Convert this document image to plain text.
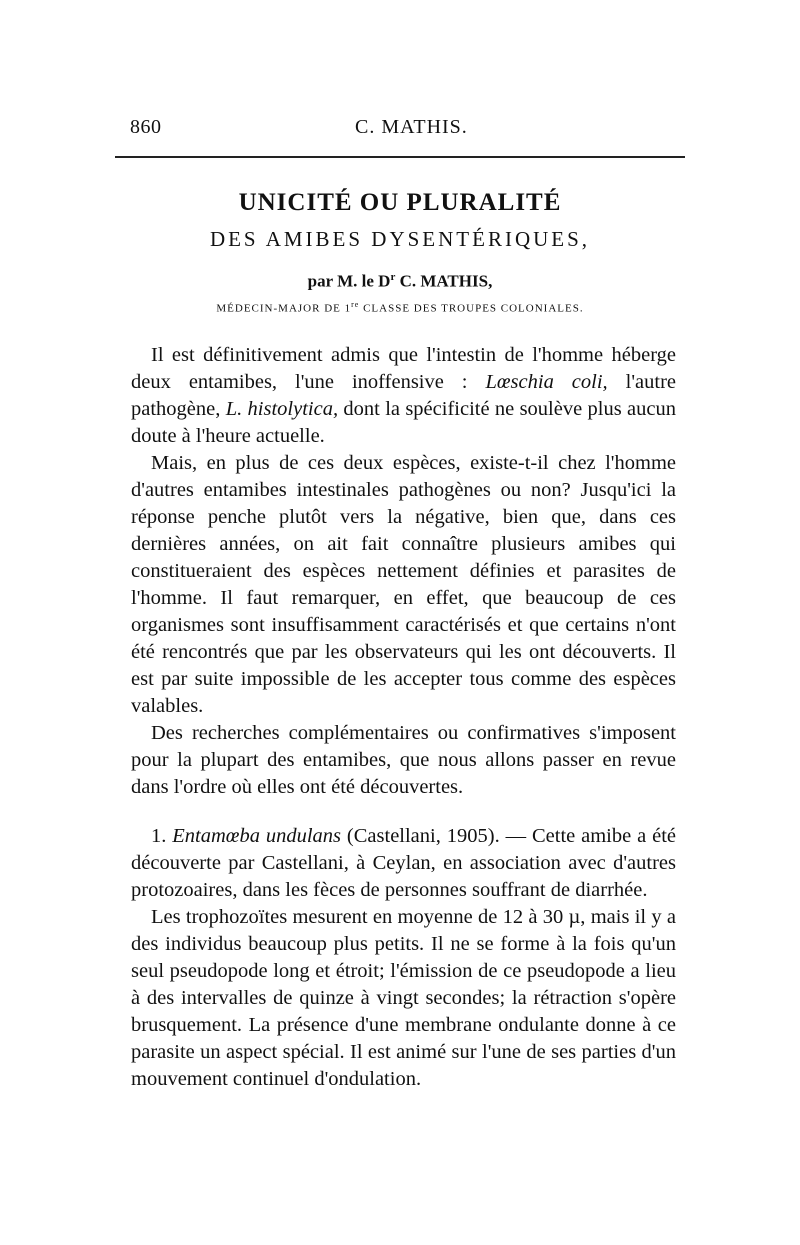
860	C. MATHIS.
UNICITÉ OU PLURALITÉ
DES AMIBES DYSENTÉRIQUES,
par M. le $D^r$ C. MATHIS,
MÉDECIN-MAJOR DE 1re CLASSE DES TROUPES COLONIALES.

Il est définitivement admis que l'intestin de l'homme héberge deux entamibes, l'une inoffensive : Lœschia coli, l'autre pathogène, L. histolytica, dont la spécificité ne soulève plus aucun doute à l'heure actuelle.

Mais, en plus de ces deux espèces, existe-t-il chez l'homme d'autres entamibes intestinales pathogènes ou non? Jusqu'ici la réponse penche plutôt vers la négative, bien que, dans ces dernières années, on ait fait connaître plusieurs amibes qui constitueraient des espèces nettement définies et parasites de l'homme. Il faut remarquer, en effet, que beaucoup de ces organismes sont insuffisamment caractérisés et que certains n'ont été rencontrés que par les observateurs qui les ont découverts. Il est par suite impossible de les accepter tous comme des espèces valables.

Des recherches complémentaires ou confirmatives s'imposent pour la plupart des entamibes, que nous allons passer en revue dans l'ordre où elles ont été découvertes.

1. Entamœba undulans (Castellani, 1905). — Cette amibe a été découverte par Castellani, à Ceylan, en association avec d'autres protozoaires, dans les fèces de personnes souffrant de diarrhée.

Les trophozoïtes mesurent en moyenne de 12 à 30 µ, mais il y a des individus beaucoup plus petits. Il ne se forme à la fois qu'un seul pseudopode long et étroit; l'émission de ce pseudopode a lieu à des intervalles de quinze à vingt secondes; la rétraction s'opère brusquement. La présence d'une membrane ondulante donne à ce parasite un aspect spécial. Il est animé sur l'une de ses parties d'un mouvement continuel d'ondulation.
